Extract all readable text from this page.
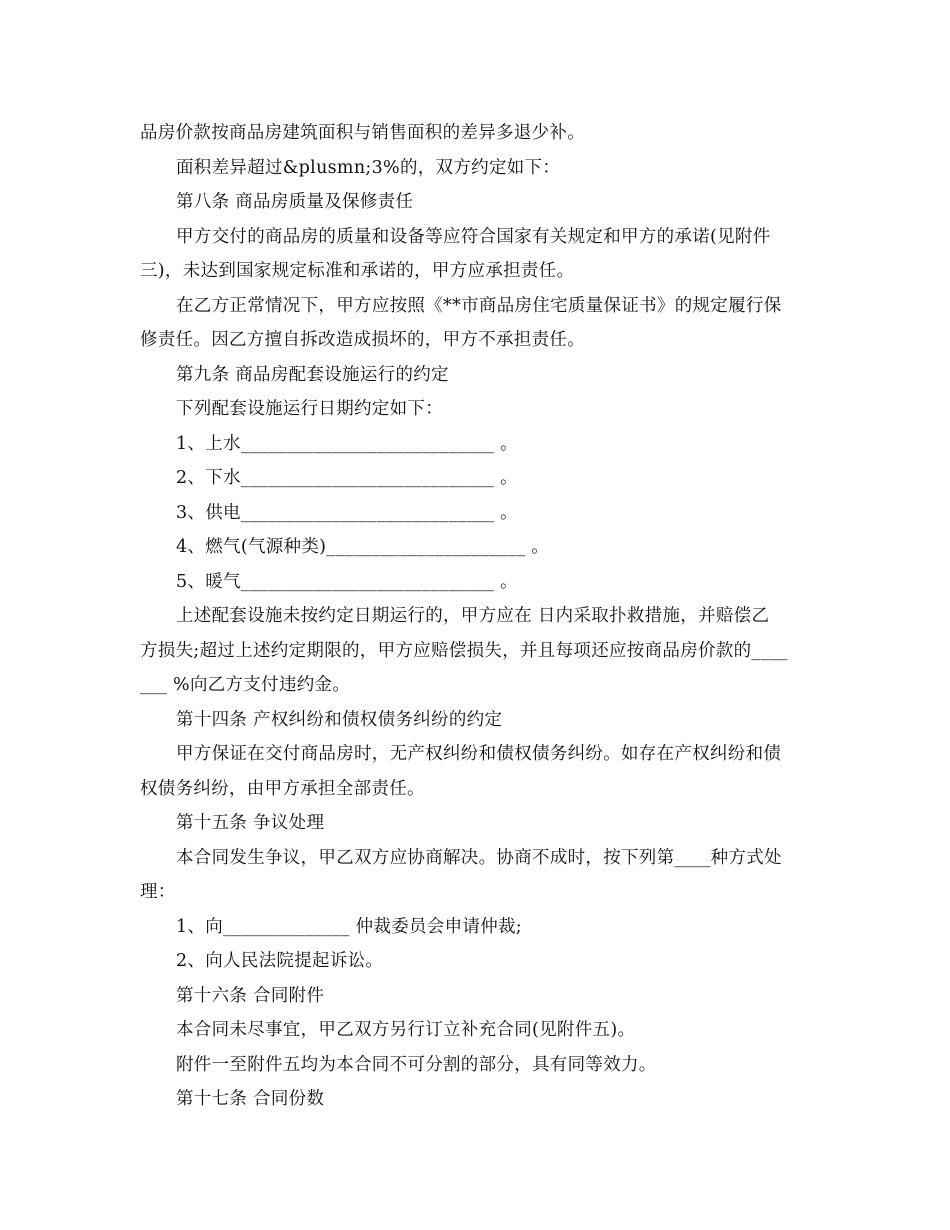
品房价款按商品房建筑面积与销售面积的差异多退少补。
面积差异超过&plusmn;3%的，双方约定如下：
第八条 商品房质量及保修责任
甲方交付的商品房的质量和设备等应符合国家有关规定和甲方的承诺(见附件
三)，未达到国家规定标准和承诺的，甲方应承担责任。
在乙方正常情况下，甲方应按照《**市商品房住宅质量保证书》的规定履行保
修责任。因乙方擅自拆改造成损坏的，甲方不承担责任。
第九条 商品房配套设施运行的约定
下列配套设施运行日期约定如下：
1、上水____________________________ 。
2、下水____________________________ 。
3、供电____________________________ 。
4、燃气(气源种类)______________________ 。
5、暖气____________________________ 。
上述配套设施未按约定日期运行的，甲方应在 日内采取扑救措施，并赔偿乙
方损失;超过上述约定期限的，甲方应赔偿损失，并且每项还应按商品房价款的____
___ %向乙方支付违约金。
第十四条 产权纠纷和债权债务纠纷的约定
甲方保证在交付商品房时，无产权纠纷和债权债务纠纷。如存在产权纠纷和债
权债务纠纷，由甲方承担全部责任。
第十五条 争议处理
本合同发生争议，甲乙双方应协商解决。协商不成时，按下列第____种方式处
理：
1、向______________ 仲裁委员会申请仲裁;
2、向人民法院提起诉讼。
第十六条 合同附件
本合同未尽事宜，甲乙双方另行订立补充合同(见附件五)。
附件一至附件五均为本合同不可分割的部分，具有同等效力。
第十七条 合同份数
